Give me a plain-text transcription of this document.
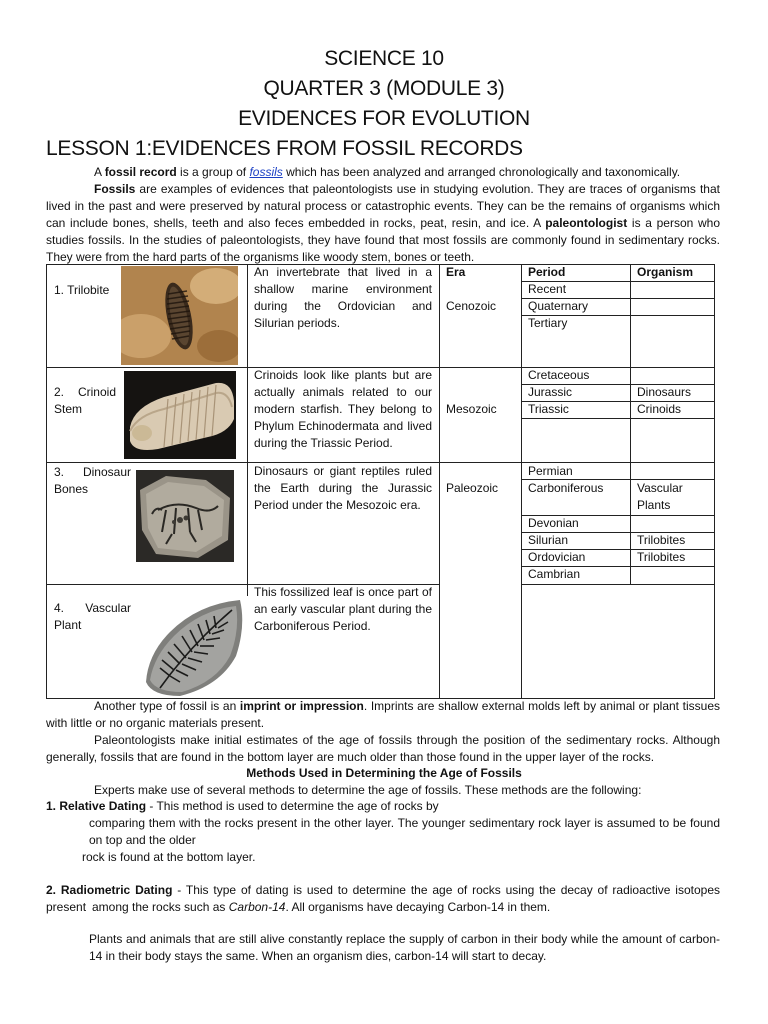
SCIENCE 10
QUARTER 3 (MODULE 3)
EVIDENCES FOR EVOLUTION
LESSON 1:EVIDENCES FROM FOSSIL RECORDS
A fossil record is a group of fossils which has been analyzed and arranged chronologically and taxonomically.
Fossils are examples of evidences that paleontologists use in studying evolution. They are traces of organisms that lived in the past and were preserved by natural process or catastrophic events. They can be the remains of organisms which can include bones, shells, teeth and also feces embedded in rocks, peat, resin, and ice. A paleontologist is a person who studies fossils. In the studies of paleontologists, they have found that most fossils are commonly found in sedimentary rocks. They were from the hard parts of the organisms like woody stem, bones or teeth.
1. Trilobite
An invertebrate that lived in a shallow marine environment during the Ordovician and Silurian periods.
2. Crinoid Stem
Crinoids look like plants but are actually animals related to our modern starfish. They belong to Phylum Echinodermata and lived during the Triassic Period.
3. Dinosaur Bones
Dinosaurs or giant reptiles ruled the Earth during the Jurassic Period under the Mesozoic era.
4. Vascular Plant
This fossilized leaf is once part of an early vascular plant during the Carboniferous Period.
Era	Period	Organism
Cenozoic
Mesozoic
Paleozoic
Recent
Quaternary
Tertiary
Cretaceous
Jurassic
Triassic
Permian
Carboniferous
Devonian
Silurian
Ordovician
Cambrian
Dinosaurs
Crinoids
Vascular Plants
Trilobites
Trilobites
Another type of fossil is an imprint or impression. Imprints are shallow external molds left by animal or plant tissues with little or no organic materials present.
Paleontologists make initial estimates of the age of fossils through the position of the sedimentary rocks. Although generally, fossils that are found in the bottom layer are much older than those found in the upper layer of the rocks.
Methods Used in Determining the Age of Fossils
Experts make use of several methods to determine the age of fossils. These methods are the following:
1. Relative Dating - This method is used to determine the age of rocks by
comparing them with the rocks present in the other layer. The younger sedimentary rock layer is assumed to be found on top and the older
rock is found at the bottom layer.
2. Radiometric Dating - This type of dating is used to determine the age of rocks using the decay of radioactive isotopes present among the rocks such as Carbon-14. All organisms have decaying Carbon-14 in them.
Plants and animals that are still alive constantly replace the supply of carbon in their body while the amount of carbon-14 in their body stays the same. When an organism dies, carbon-14 will start to decay.
